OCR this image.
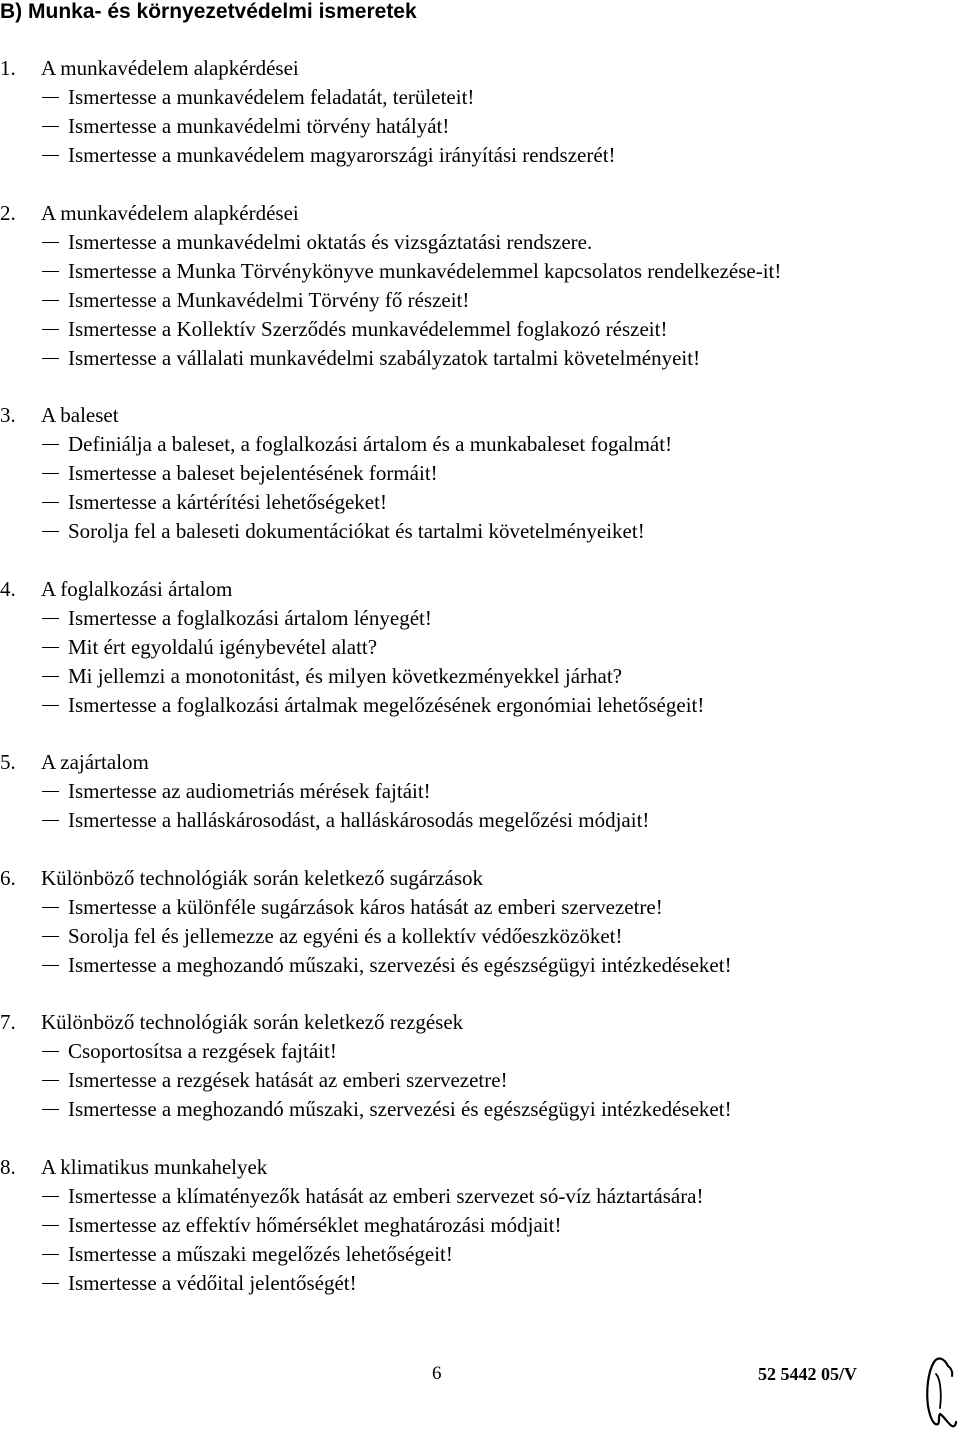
B) Munka- és környezetvédelmi ismeretek
1. A munkavédelem alapkérdései
Ismertesse a munkavédelem feladatát, területeit!
Ismertesse a munkavédelmi törvény hatályát!
Ismertesse a munkavédelem magyarországi irányítási rendszerét!
2. A munkavédelem alapkérdései
Ismertesse a munkavédelmi oktatás és vizsgáztatási rendszere.
Ismertesse a Munka Törvénykönyve munkavédelemmel kapcsolatos rendelkezése-it!
Ismertesse a Munkavédelmi Törvény fő részeit!
Ismertesse a Kollektív Szerződés munkavédelemmel foglakozó részeit!
Ismertesse a vállalati munkavédelmi szabályzatok tartalmi követelményeit!
3. A baleset
Definiálja a baleset, a foglalkozási ártalom és a munkabaleset fogalmát!
Ismertesse a baleset bejelentésének formáit!
Ismertesse a kártérítési lehetőségeket!
Sorolja fel a baleseti dokumentációkat és tartalmi követelményeiket!
4. A foglalkozási ártalom
Ismertesse a foglalkozási ártalom lényegét!
Mit ért egyoldalú igénybevétel alatt?
Mi jellemzi a monotonitást, és milyen következményekkel járhat?
Ismertesse a foglalkozási ártalmak megelőzésének ergonómiai lehetőségeit!
5. A zajártalom
Ismertesse az audiometriás mérések fajtáit!
Ismertesse a halláskárosodást, a halláskárosodás megelőzési módjait!
6. Különböző technológiák során keletkező sugárzások
Ismertesse a különféle sugárzások káros hatását az emberi szervezetre!
Sorolja fel és jellemezze az egyéni és a kollektív védőeszközöket!
Ismertesse a meghozandó műszaki, szervezési és egészségügyi intézkedéseket!
7. Különböző technológiák során keletkező rezgések
Csoportosítsa a rezgések fajtáit!
Ismertesse a rezgések hatását az emberi szervezetre!
Ismertesse a meghozandó műszaki, szervezési és egészségügyi intézkedéseket!
8. A klimatikus munkahelyek
Ismertesse a klímatényezők hatását az emberi szervezet só-víz háztartására!
Ismertesse az effektív hőmérséklet meghatározási módjait!
Ismertesse a műszaki megelőzés lehetőségeit!
Ismertesse a védőital jelentőségét!
6	52 5442 05/V
